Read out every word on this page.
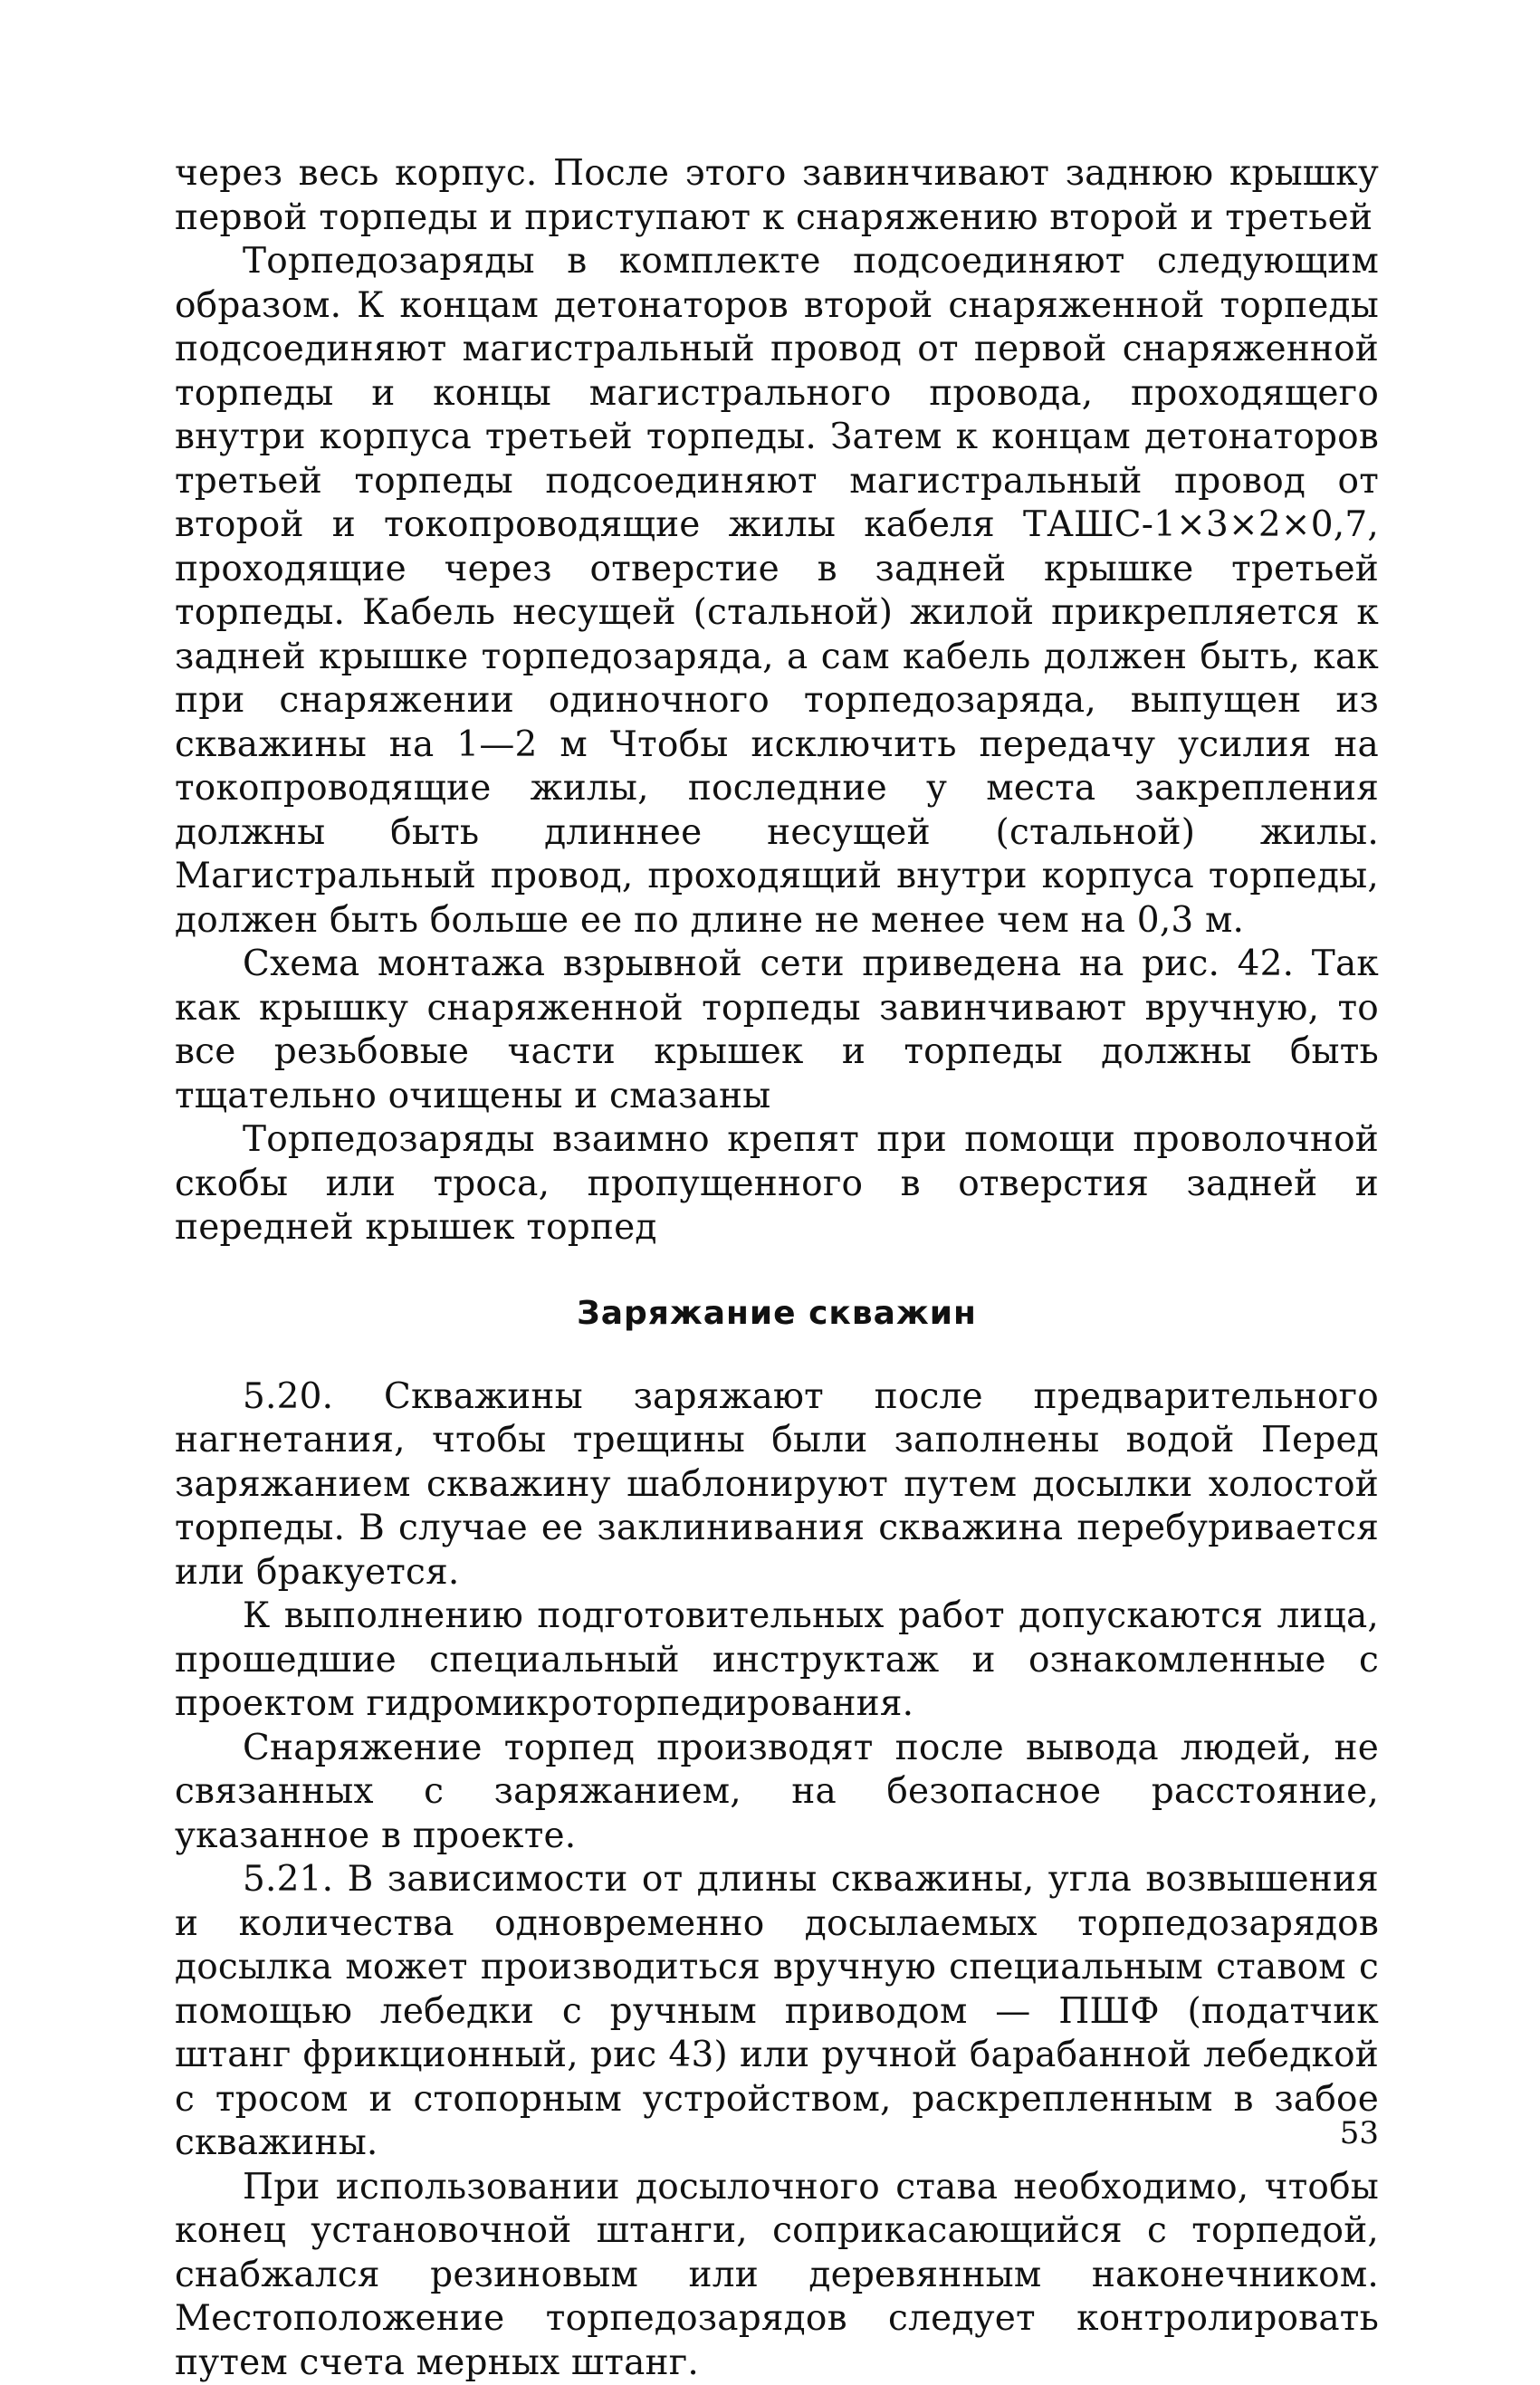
через весь корпус. После этого завинчивают заднюю крышку первой торпеды и приступают к снаряжению второй и третьей

Торпедозаряды в комплекте подсоединяют следующим образом. К концам детонаторов второй снаряженной торпеды подсоединяют магистральный провод от первой снаряженной торпеды и концы магистрального провода, проходящего внутри корпуса третьей торпеды. Затем к концам детонаторов третьей торпеды подсоединяют магистральный провод от второй и токопроводящие жилы кабеля ТАШС-1×3×2×0,7, проходящие через отверстие в задней крышке третьей торпеды. Кабель несущей (стальной) жилой прикрепляется к задней крышке торпедозаряда, а сам кабель должен быть, как при снаряжении одиночного торпедозаряда, выпущен из скважины на 1—2 м Чтобы исключить передачу усилия на токопроводящие жилы, последние у места закрепления должны быть длиннее несущей (стальной) жилы. Магистральный провод, проходящий внутри корпуса торпеды, должен быть больше ее по длине не менее чем на 0,3 м.

Схема монтажа взрывной сети приведена на рис. 42. Так как крышку снаряженной торпеды завинчивают вручную, то все резьбовые части крышек и торпеды должны быть тщательно очищены и смазаны

Торпедозаряды взаимно крепят при помощи проволочной скобы или троса, пропущенного в отверстия задней и передней крышек торпед

Заряжание скважин

5.20. Скважины заряжают после предварительного нагнетания, чтобы трещины были заполнены водой Перед заряжанием скважину шаблонируют путем досылки холостой торпеды. В случае ее заклинивания скважина перебуривается или бракуется.

К выполнению подготовительных работ допускаются лица, прошедшие специальный инструктаж и ознакомленные с проектом гидромикроторпедирования.

Снаряжение торпед производят после вывода людей, не связанных с заряжанием, на безопасное расстояние, указанное в проекте.

5.21. В зависимости от длины скважины, угла возвышения и количества одновременно досылаемых торпедозарядов досылка может производиться вручную специальным ставом с помощью лебедки с ручным приводом — ПШФ (податчик штанг фрикционный, рис 43) или ручной барабанной лебедкой с тросом и стопорным устройством, раскрепленным в забое скважины.

При использовании досылочного става необходимо, чтобы конец установочной штанги, соприкасающийся с торпедой, снабжался резиновым или деревянным наконечником. Местоположение торпедозарядов следует контролировать путем счета мерных штанг.

53
